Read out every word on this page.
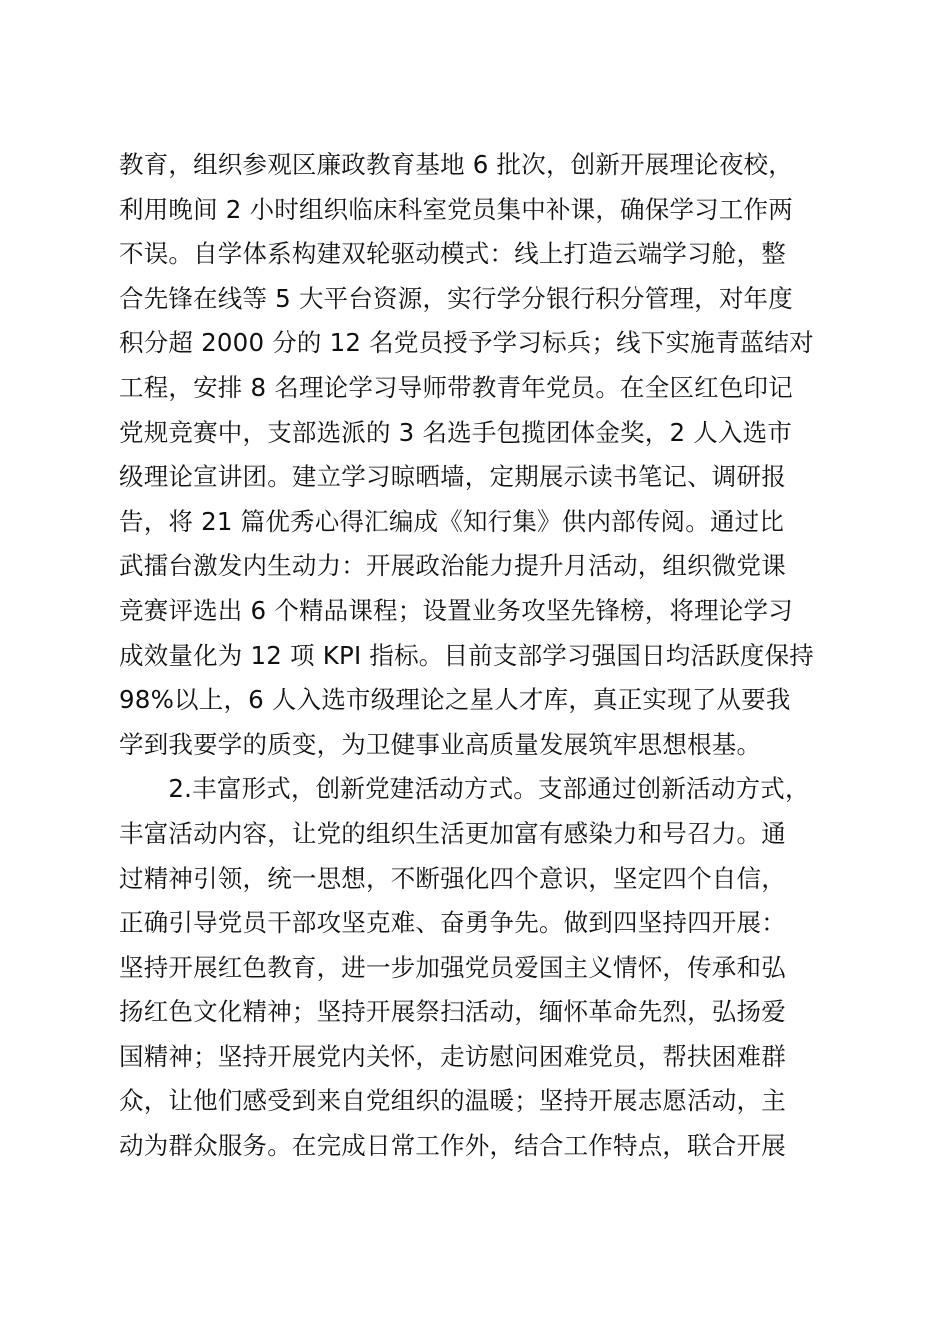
教育，组织参观区廉政教育基地 6 批次，创新开展理论夜校，
利用晚间 2 小时组织临床科室党员集中补课，确保学习工作两
不误。自学体系构建双轮驱动模式：线上打造云端学习舱，整
合先锋在线等 5 大平台资源，实行学分银行积分管理，对年度
积分超 2000 分的 12 名党员授予学习标兵；线下实施青蓝结对
工程，安排 8 名理论学习导师带教青年党员。在全区红色印记
党规竞赛中，支部选派的 3 名选手包揽团体金奖，2 人入选市
级理论宣讲团。建立学习晾晒墙，定期展示读书笔记、调研报
告，将 21 篇优秀心得汇编成《知行集》供内部传阅。通过比
武擂台激发内生动力：开展政治能力提升月活动，组织微党课
竞赛评选出 6 个精品课程；设置业务攻坚先锋榜，将理论学习
成效量化为 12 项 KPI 指标。目前支部学习强国日均活跃度保持
98%以上，6 人入选市级理论之星人才库，真正实现了从要我
学到我要学的质变，为卫健事业高质量发展筑牢思想根基。
　　2.丰富形式，创新党建活动方式。支部通过创新活动方式，
丰富活动内容，让党的组织生活更加富有感染力和号召力。通
过精神引领，统一思想，不断强化四个意识，坚定四个自信，
正确引导党员干部攻坚克难、奋勇争先。做到四坚持四开展：
坚持开展红色教育，进一步加强党员爱国主义情怀，传承和弘
扬红色文化精神；坚持开展祭扫活动，缅怀革命先烈，弘扬爱
国精神；坚持开展党内关怀，走访慰问困难党员，帮扶困难群
众，让他们感受到来自党组织的温暖；坚持开展志愿活动，主
动为群众服务。在完成日常工作外，结合工作特点，联合开展
